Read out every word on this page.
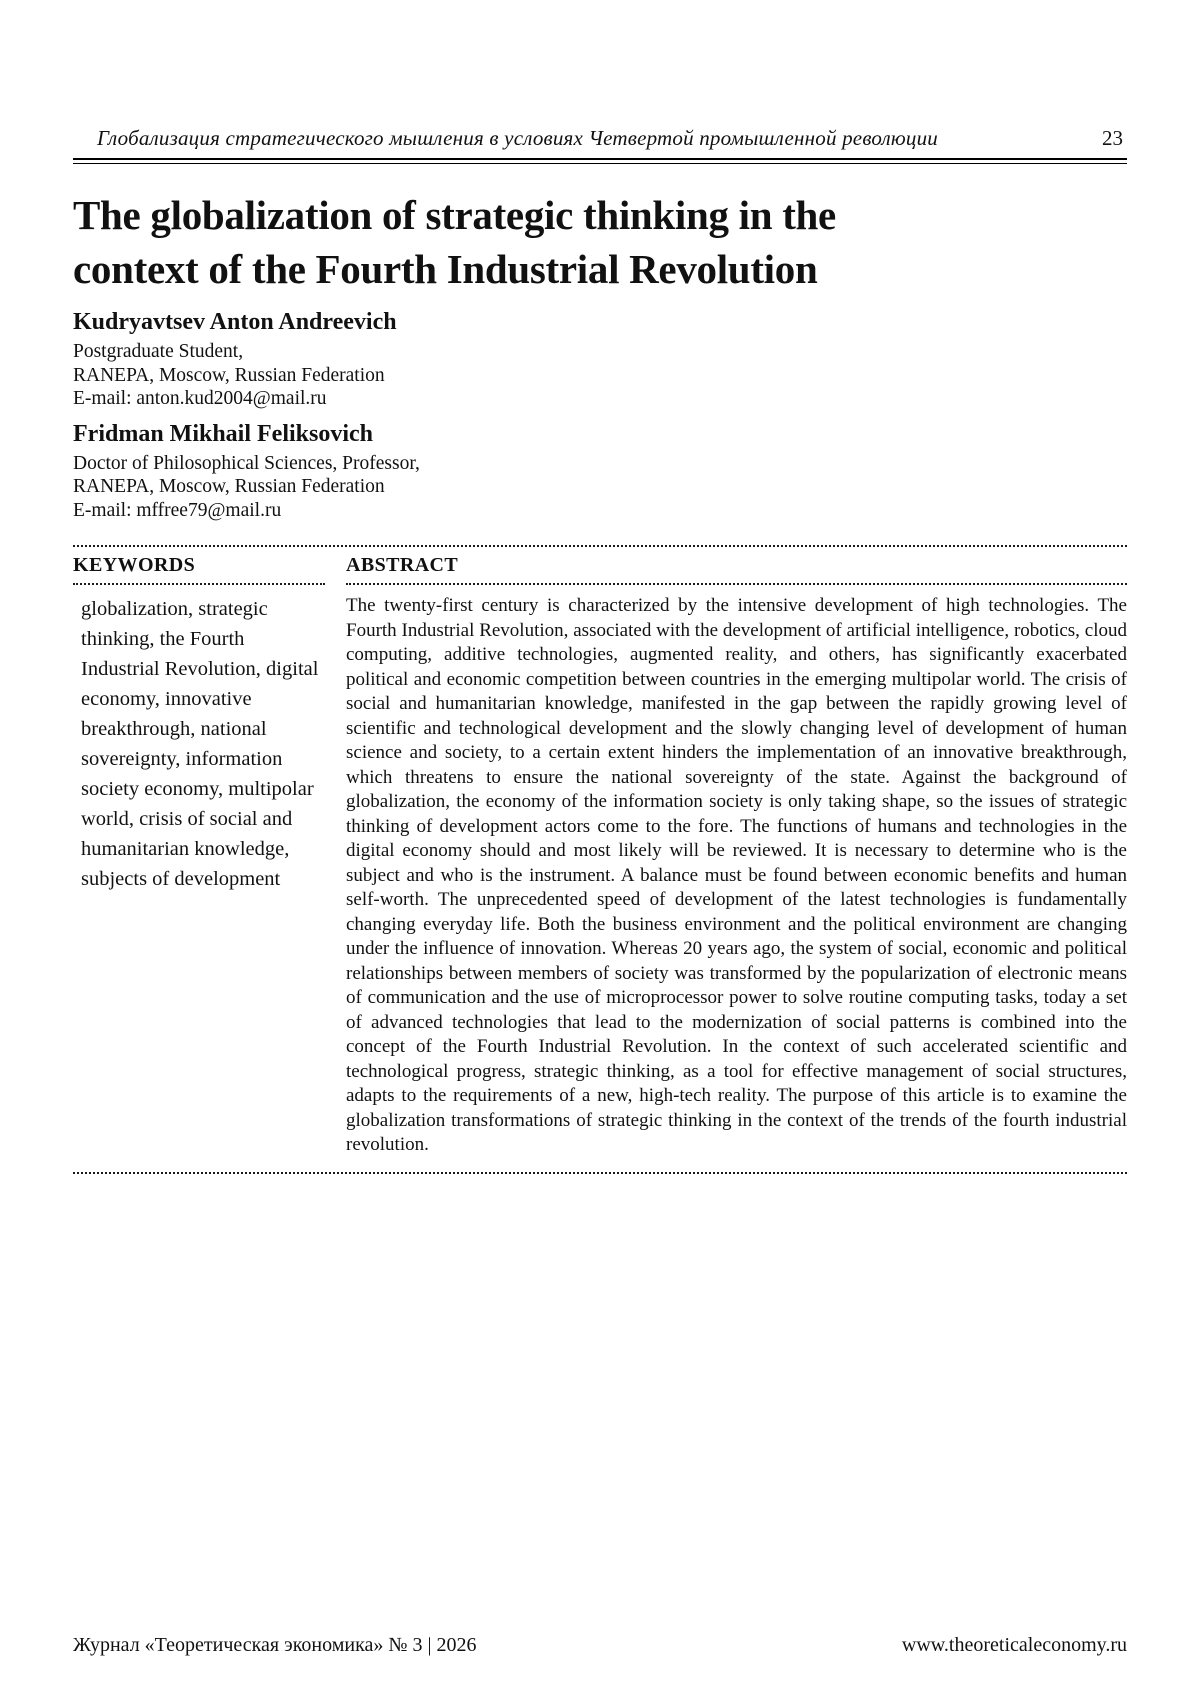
Глобализация стратегического мышления в условиях Четвертой промышленной революции	23
The globalization of strategic thinking in the
context of the Fourth Industrial Revolution
Kudryavtsev Anton Andreevich

Postgraduate Student,

RANEPA, Moscow, Russian Federation

E-mail: anton.kud2004@mail.ru

Fridman Mikhail Feliksovich

Doctor of Philosophical Sciences, Professor,

RANEPA, Moscow, Russian Federation

E-mail: mffree79@mail.ru

KEYWORDS

globalization, strategic thinking, the Fourth Industrial Revolution, digital economy, innovative breakthrough, national sovereignty, information society economy, multipolar world, crisis of social and humanitarian knowledge, subjects of development

ABSTRACT

The twenty-first century is characterized by the intensive development of high technologies. The Fourth Industrial Revolution, associated with the development of artificial intelligence, robotics, cloud computing, additive technologies, augmented reality, and others, has significantly exacerbated political and economic competition between countries in the emerging multipolar world. The crisis of social and humanitarian knowledge, manifested in the gap between the rapidly growing level of scientific and technological development and the slowly changing level of development of human science and society, to a certain extent hinders the implementation of an innovative breakthrough, which threatens to ensure the national sovereignty of the state. Against the background of globalization, the economy of the information society is only taking shape, so the issues of strategic thinking of development actors come to the fore. The functions of humans and technologies in the digital economy should and most likely will be reviewed. It is necessary to determine who is the subject and who is the instrument. A balance must be found between economic benefits and human self-worth. The unprecedented speed of development of the latest technologies is fundamentally changing everyday life. Both the business environment and the political environment are changing under the influence of innovation. Whereas 20 years ago, the system of social, economic and political relationships between members of society was transformed by the popularization of electronic means of communication and the use of microprocessor power to solve routine computing tasks, today a set of advanced technologies that lead to the modernization of social patterns is combined into the concept of the Fourth Industrial Revolution. In the context of such accelerated scientific and technological progress, strategic thinking, as a tool for effective management of social structures, adapts to the requirements of a new, high-tech reality. The purpose of this article is to examine the globalization transformations of strategic thinking in the context of the trends of the fourth industrial revolution.

Журнал «Теоретическая экономика» № 3 | 2026	www.theoreticaleconomy.ru
